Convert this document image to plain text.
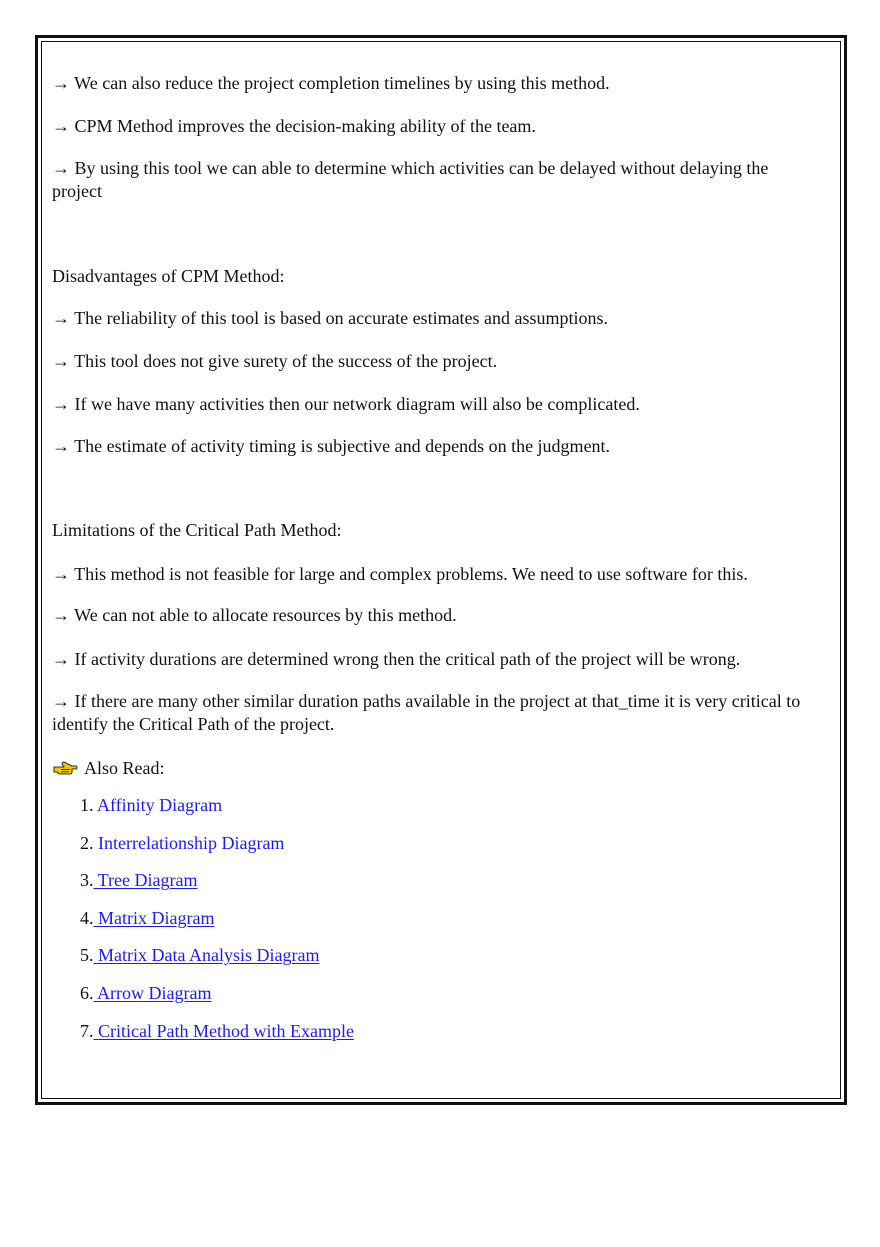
→ We can also reduce the project completion timelines by using this method.
→ CPM Method improves the decision-making ability of the team.
→ By using this tool we can able to determine which activities can be delayed without delaying the project
Disadvantages of CPM Method:
→ The reliability of this tool is based on accurate estimates and assumptions.
→ This tool does not give surety of the success of the project.
→ If we have many activities then our network diagram will also be complicated.
→ The estimate of activity timing is subjective and depends on the judgment.
Limitations of the Critical Path Method:
→ This method is not feasible for large and complex problems. We need to use software for this.
→ We can not able to allocate resources by this method.
→ If activity durations are determined wrong then the critical path of the project will be wrong.
→ If there are many other similar duration paths available in the project at that_time it is very critical to identify the Critical Path of the project.
Also Read:
1. Affinity Diagram
2. Interrelationship Diagram
3. Tree Diagram
4. Matrix Diagram
5. Matrix Data Analysis Diagram
6. Arrow Diagram
7. Critical Path Method with Example
